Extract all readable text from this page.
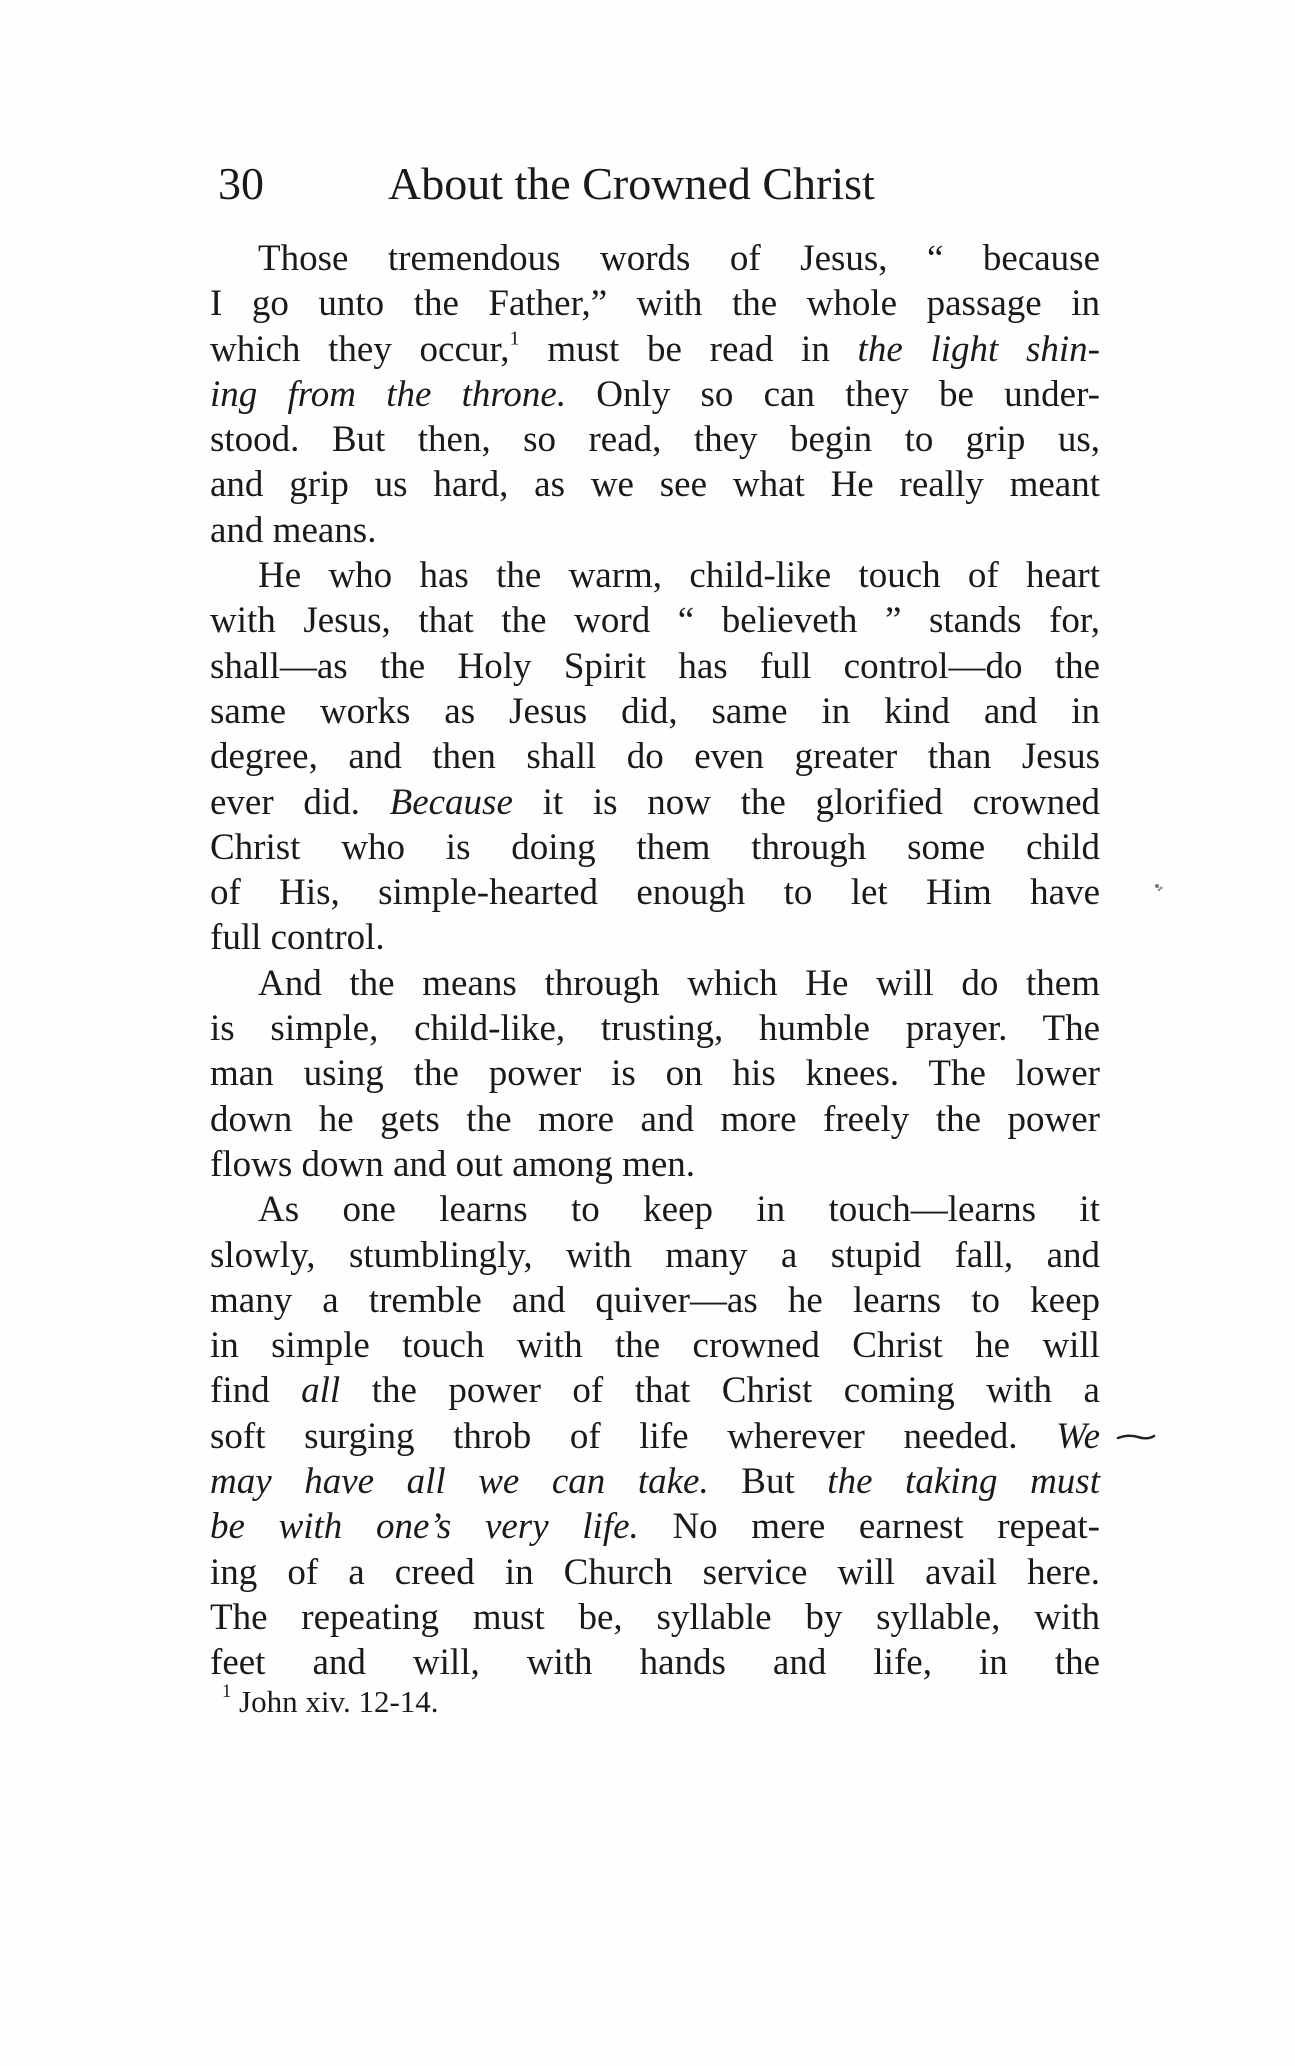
30	About the Crowned Christ
Those tremendous words of Jesus, “ because
I go unto the Father,” with the whole passage in
which they occur,$^1$ must be read in the light shin-
ing from the throne. Only so can they be under-
stood. But then, so read, they begin to grip us,
and grip us hard, as we see what He really meant
and means.
He who has the warm, child-like touch of heart
with Jesus, that the word “ believeth ” stands for,
shall—as the Holy Spirit has full control—do the
same works as Jesus did, same in kind and in
degree, and then shall do even greater than Jesus
ever did. Because it is now the glorified crowned
Christ who is doing them through some child
of His, simple-hearted enough to let Him have
full control.
And the means through which He will do them
is simple, child-like, trusting, humble prayer. The
man using the power is on his knees. The lower
down he gets the more and more freely the power
flows down and out among men.
As one learns to keep in touch—learns it
slowly, stumblingly, with many a stupid fall, and
many a tremble and quiver—as he learns to keep
in simple touch with the crowned Christ he will
find all the power of that Christ coming with a
soft surging throb of life wherever needed. We
may have all we can take. But the taking must
be with one’s very life. No mere earnest repeat-
ing of a creed in Church service will avail here.
The repeating must be, syllable by syllable, with
feet and will, with hands and life, in the
$^1$ John xiv. 12-14.
